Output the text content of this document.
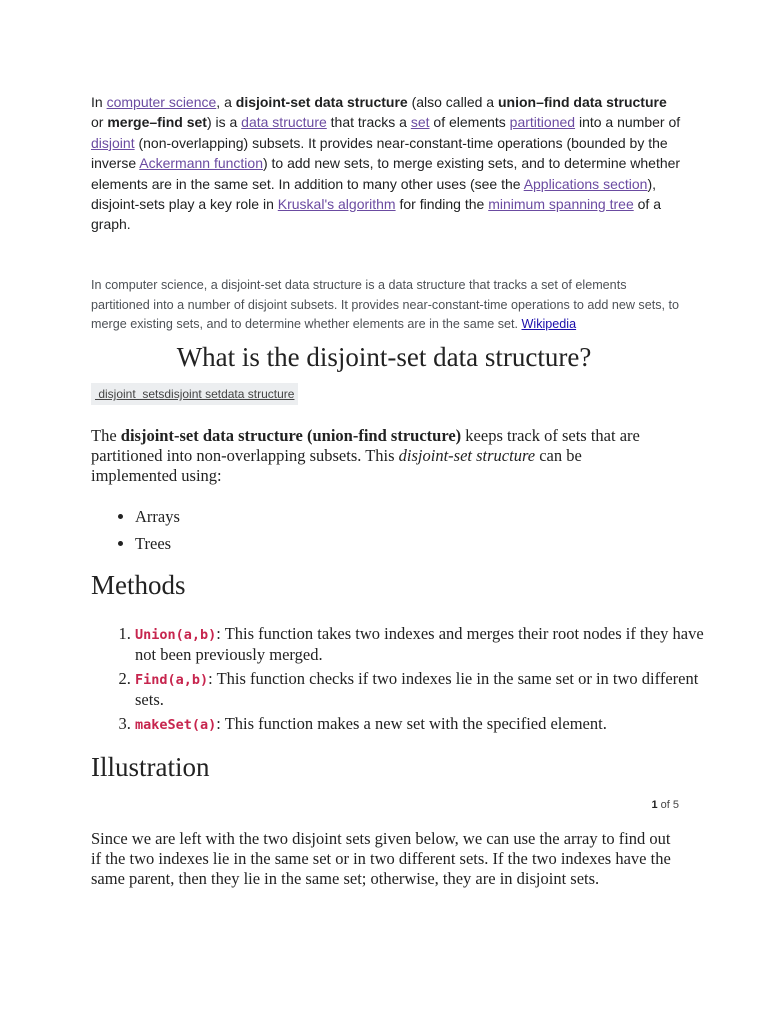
In computer science, a disjoint-set data structure (also called a union–find data structure or merge–find set) is a data structure that tracks a set of elements partitioned into a number of disjoint (non-overlapping) subsets. It provides near-constant-time operations (bounded by the inverse Ackermann function) to add new sets, to merge existing sets, and to determine whether elements are in the same set. In addition to many other uses (see the Applications section), disjoint-sets play a key role in Kruskal's algorithm for finding the minimum spanning tree of a graph.
In computer science, a disjoint-set data structure is a data structure that tracks a set of elements partitioned into a number of disjoint subsets. It provides near-constant-time operations to add new sets, to merge existing sets, and to determine whether elements are in the same set. Wikipedia
What is the disjoint-set data structure?
disjoint sets disjoint set data structure

The disjoint-set data structure (union-find structure) keeps track of sets that are partitioned into non-overlapping subsets. This disjoint-set structure can be implemented using:

• Arrays
• Trees
Methods
1. Union(a,b): This function takes two indexes and merges their root nodes if they have not been previously merged.
2. Find(a,b): This function checks if two indexes lie in the same set or in two different sets.
3. makeSet(a): This function makes a new set with the specified element.
Illustration
1 of 5

Since we are left with the two disjoint sets given below, we can use the array to find out if the two indexes lie in the same set or in two different sets. If the two indexes have the same parent, then they lie in the same set; otherwise, they are in disjoint sets.
